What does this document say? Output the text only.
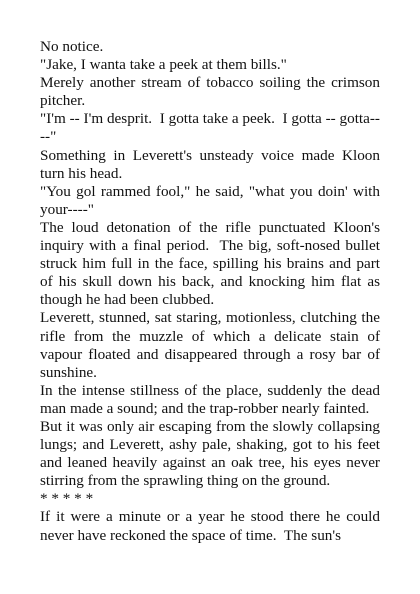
No notice.

"Jake, I wanta take a peek at them bills."

Merely another stream of tobacco soiling the crimson pitcher.

"I'm -- I'm desprit.  I gotta take a peek.  I gotta -- gotta----"

Something in Leverett's unsteady voice made Kloon turn his head.

"You gol rammed fool," he said, "what you doin' with your----"

The loud detonation of the rifle punctuated Kloon's inquiry with a final period.  The big, soft-nosed bullet struck him full in the face, spilling his brains and part of his skull down his back, and knocking him flat as though he had been clubbed.

Leverett, stunned, sat staring, motionless, clutching the rifle from the muzzle of which a delicate stain of vapour floated and disappeared through a rosy bar of sunshine.

In the intense stillness of the place, suddenly the dead man made a sound; and the trap-robber nearly fainted.

But it was only air escaping from the slowly collapsing lungs; and Leverett, ashy pale, shaking, got to his feet and leaned heavily against an oak tree, his eyes never stirring from the sprawling thing on the ground.

* * * * *

If it were a minute or a year he stood there he could never have reckoned the space of time.  The sun's
